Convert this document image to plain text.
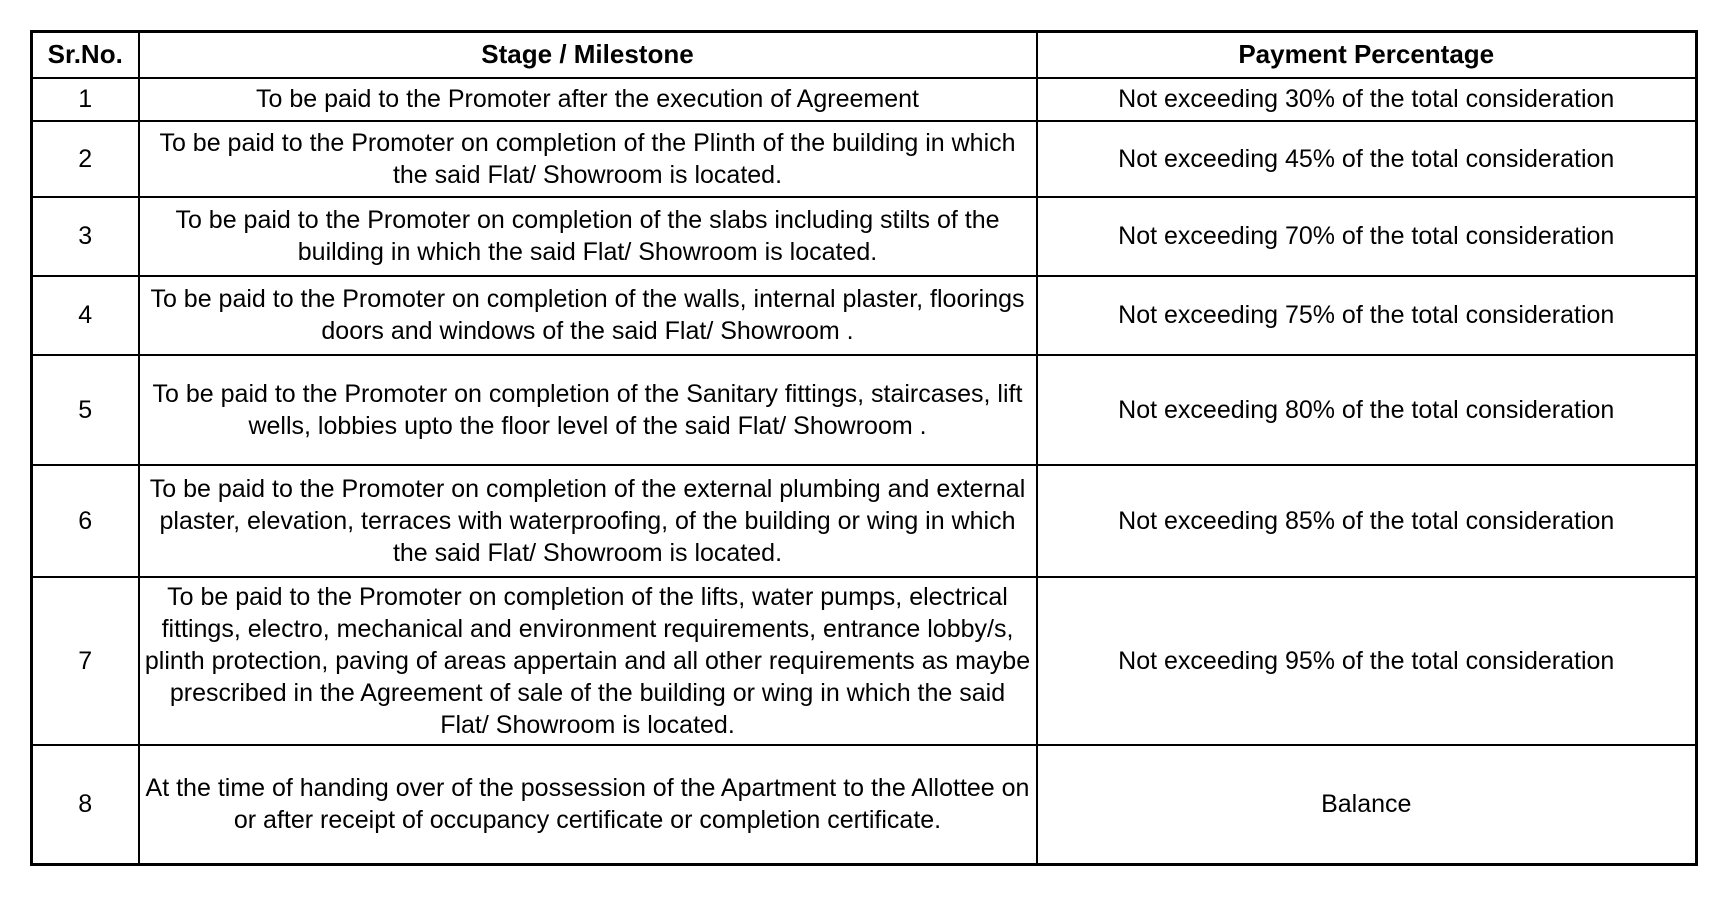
Sr.No.	Stage / Milestone	Payment Percentage
1	To be paid to the Promoter after the execution of Agreement	Not exceeding 30% of the total consideration
2	To be paid to the Promoter on completion of the Plinth of the building in which the said Flat/ Showroom is located.	Not exceeding 45% of the total consideration
3	To be paid to the Promoter on completion of the slabs including stilts of the building in which the said Flat/ Showroom is located.	Not exceeding 70% of the total consideration
4	To be paid to the Promoter on completion of the walls, internal plaster, floorings doors and windows of the said Flat/ Showroom .	Not exceeding 75% of the total consideration
5	To be paid to the Promoter on completion of the Sanitary fittings, staircases, lift wells, lobbies upto the floor level of the said Flat/ Showroom .	Not exceeding 80% of the total consideration
6	To be paid to the Promoter on completion of the external plumbing and external plaster, elevation, terraces with waterproofing, of the building or wing in which the said Flat/ Showroom is located.	Not exceeding 85% of the total consideration
7	To be paid to the Promoter on completion of the lifts, water pumps, electrical fittings, electro, mechanical and environment requirements, entrance lobby/s, plinth protection, paving of areas appertain and all other requirements as maybe prescribed in the Agreement of sale of the building or wing in which the said Flat/ Showroom is located.	Not exceeding 95% of the total consideration
8	At the time of handing over of the possession of the Apartment to the Allottee on or after receipt of occupancy certificate or completion certificate.	Balance
